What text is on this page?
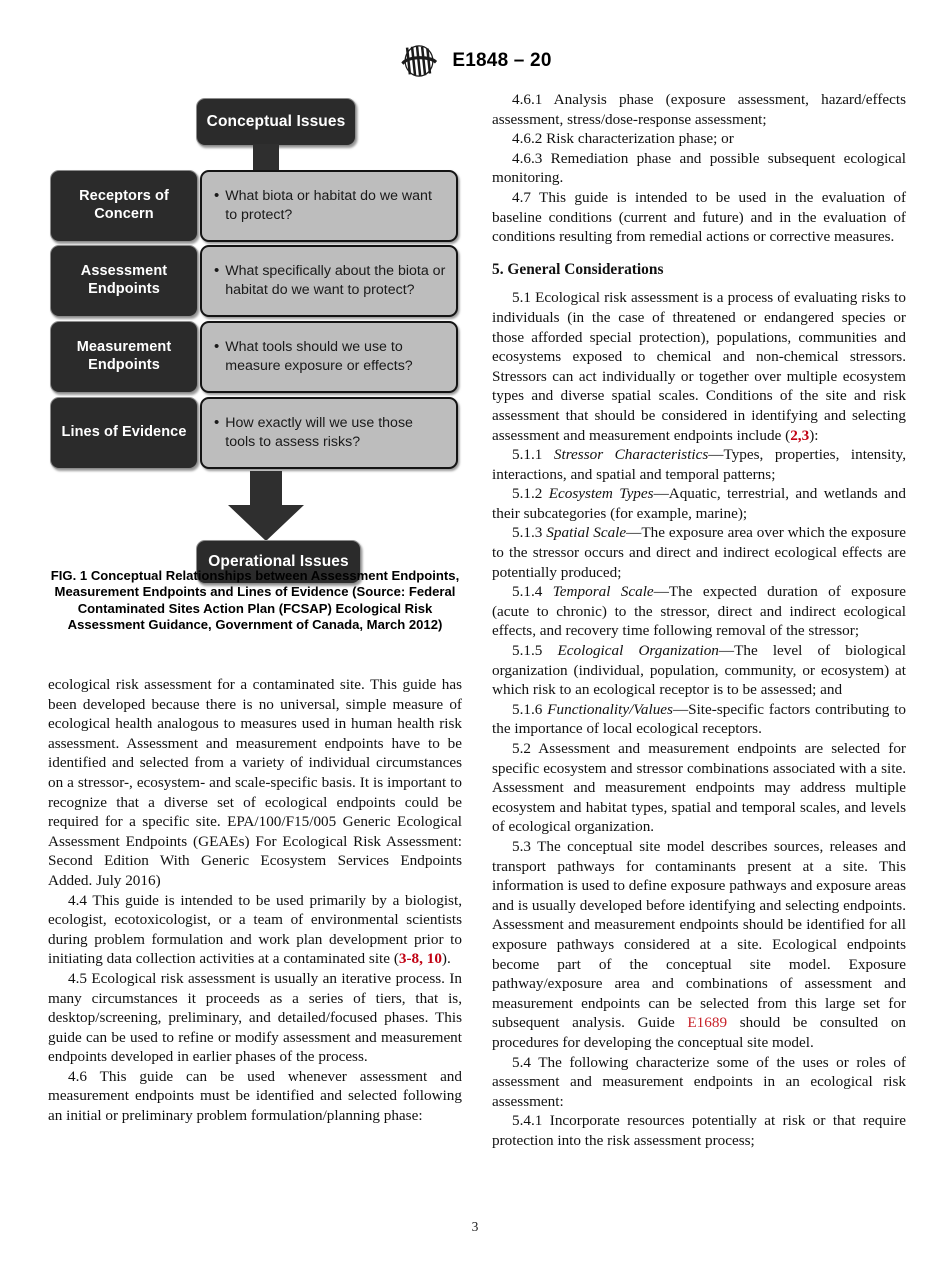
E1848 – 20
Conceptual Issues
Receptors of Concern
• What biota or habitat do we want to protect?
Assessment Endpoints
• What specifically about the biota or habitat do we want to protect?
Measurement Endpoints
• What tools should we use to measure exposure or effects?
Lines of Evidence
• How exactly will we use those tools to assess risks?
Operational Issues
FIG. 1 Conceptual Relationships between Assessment Endpoints, Measurement Endpoints and Lines of Evidence (Source: Federal Contaminated Sites Action Plan (FCSAP) Ecological Risk Assessment Guidance, Government of Canada, March 2012)

ecological risk assessment for a contaminated site. This guide has been developed because there is no universal, simple measure of ecological health analogous to measures used in human health risk assessment. Assessment and measurement endpoints have to be identified and selected from a variety of individual circumstances on a stressor-, ecosystem- and scale-specific basis. It is important to recognize that a diverse set of ecological endpoints could be required for a specific site. EPA/100/F15/005 Generic Ecological Assessment Endpoints (GEAEs) For Ecological Risk Assessment: Second Edition With Generic Ecosystem Services Endpoints Added. July 2016)

4.4 This guide is intended to be used primarily by a biologist, ecologist, ecotoxicologist, or a team of environmental scientists during problem formulation and work plan development prior to initiating data collection activities at a contaminated site (3-8, 10).

4.5 Ecological risk assessment is usually an iterative process. In many circumstances it proceeds as a series of tiers, that is, desktop/screening, preliminary, and detailed/focused phases. This guide can be used to refine or modify assessment and measurement endpoints developed in earlier phases of the process.

4.6 This guide can be used whenever assessment and measurement endpoints must be identified and selected following an initial or preliminary problem formulation/planning phase:

4.6.1 Analysis phase (exposure assessment, hazard/effects assessment, stress/dose-response assessment;

4.6.2 Risk characterization phase; or

4.6.3 Remediation phase and possible subsequent ecological monitoring.

4.7 This guide is intended to be used in the evaluation of baseline conditions (current and future) and in the evaluation of conditions resulting from remedial actions or corrective measures.

5. General Considerations

5.1 Ecological risk assessment is a process of evaluating risks to individuals (in the case of threatened or endangered species or those afforded special protection), populations, communities and ecosystems exposed to chemical and non-chemical stressors. Stressors can act individually or together over multiple ecosystem types and diverse spatial scales. Conditions of the site and risk assessment that should be considered in identifying and selecting assessment and measurement endpoints include (2,3):

5.1.1 Stressor Characteristics—Types, properties, intensity, interactions, and spatial and temporal patterns;

5.1.2 Ecosystem Types—Aquatic, terrestrial, and wetlands and their subcategories (for example, marine);

5.1.3 Spatial Scale—The exposure area over which the exposure to the stressor occurs and direct and indirect ecological effects are potentially produced;

5.1.4 Temporal Scale—The expected duration of exposure (acute to chronic) to the stressor, direct and indirect ecological effects, and recovery time following removal of the stressor;

5.1.5 Ecological Organization—The level of biological organization (individual, population, community, or ecosystem) at which risk to an ecological receptor is to be assessed; and

5.1.6 Functionality/Values—Site-specific factors contributing to the importance of local ecological receptors.

5.2 Assessment and measurement endpoints are selected for specific ecosystem and stressor combinations associated with a site. Assessment and measurement endpoints may address multiple ecosystem and habitat types, spatial and temporal scales, and levels of ecological organization.

5.3 The conceptual site model describes sources, releases and transport pathways for contaminants present at a site. This information is used to define exposure pathways and exposure areas and is usually developed before identifying and selecting endpoints. Assessment and measurement endpoints should be identified for all exposure pathways considered at a site. Ecological endpoints become part of the conceptual site model. Exposure pathway/exposure area and combinations of assessment and measurement endpoints can be selected from this large set for subsequent analysis. Guide E1689 should be consulted on procedures for developing the conceptual site model.

5.4 The following characterize some of the uses or roles of assessment and measurement endpoints in an ecological risk assessment:

5.4.1 Incorporate resources potentially at risk or that require protection into the risk assessment process;

3
